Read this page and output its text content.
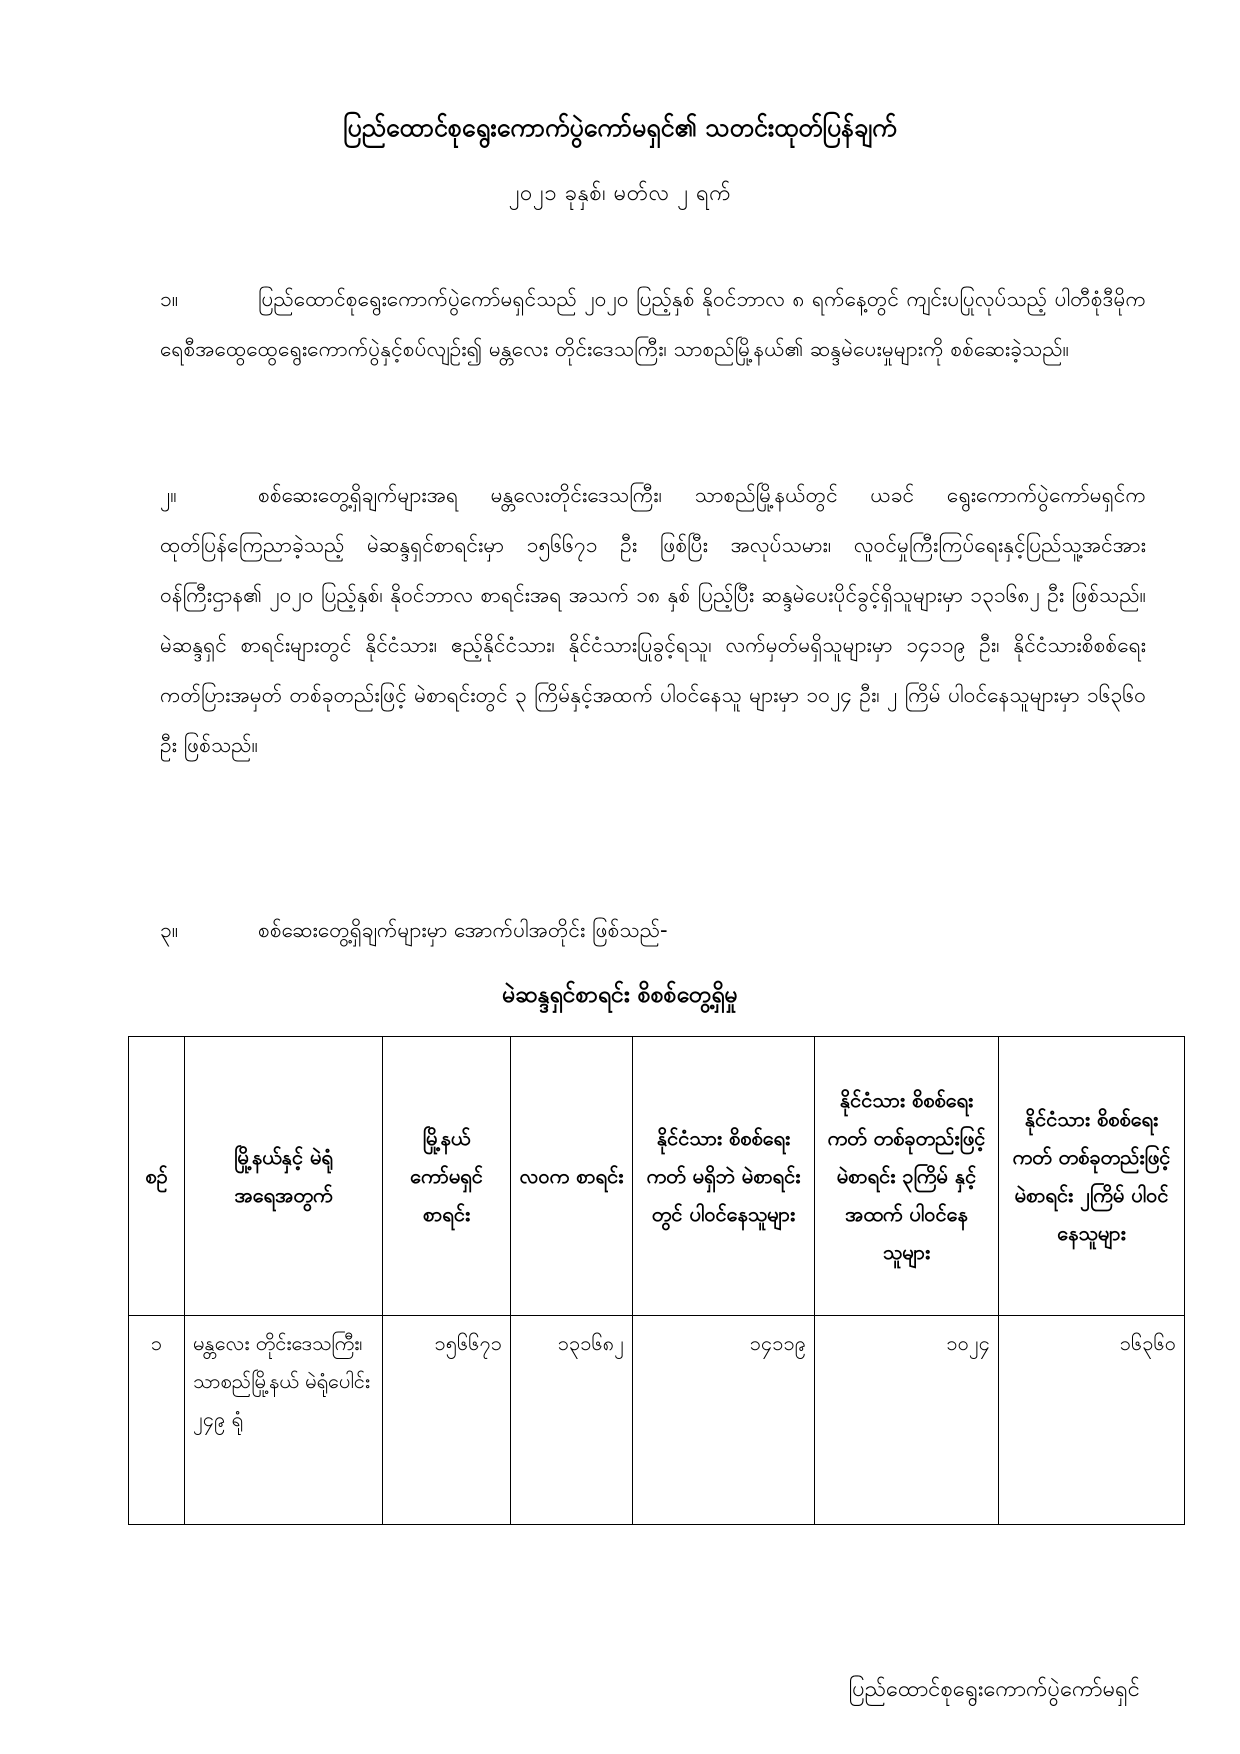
ပြည်ထောင်စုရွေးကောက်ပွဲကော်မရှင်၏ သတင်းထုတ်ပြန်ချက်
၂၀၂၁ ခုနှစ်၊ မတ်လ ၂ ရက်
၁။	ပြည်ထောင်စုရွေးကောက်ပွဲကော်မရှင်သည် ၂၀၂၀ ပြည့်နှစ် နိုဝင်ဘာလ ၈ ရက်နေ့တွင် ကျင်းပပြုလုပ်သည့် ပါတီစုံဒီမိုကရေစီအထွေထွေရွေးကောက်ပွဲနှင့်စပ်လျဉ်း၍ မန္တလေး တိုင်းဒေသကြီး၊ သာစည်မြို့နယ်၏ ဆန္ဒမဲပေးမှုများကို စစ်ဆေးခဲ့သည်။
၂။	စစ်ဆေးတွေ့ရှိချက်များအရ မန္တလေးတိုင်းဒေသကြီး၊ သာစည်မြို့နယ်တွင် ယခင် ရွေးကောက်ပွဲကော်မရှင်က ထုတ်ပြန်ကြေညာခဲ့သည့် မဲဆန္ဒရှင်စာရင်းမှာ ၁၅၆၆၇၁ ဦး ဖြစ်ပြီး အလုပ်သမား၊ လူဝင်မှုကြီးကြပ်ရေးနှင့်ပြည်သူ့အင်အားဝန်ကြီးဌာန၏ ၂၀၂၀ ပြည့်နှစ်၊ နိုဝင်ဘာလ စာရင်းအရ အသက် ၁၈ နှစ် ပြည့်ပြီး ဆန္ဒမဲပေးပိုင်ခွင့်ရှိသူများမှာ ၁၃၁၆၈၂ ဦး ဖြစ်သည်။ မဲဆန္ဒရှင် စာရင်းများတွင် နိုင်ငံသား၊ ဧည့်နိုင်ငံသား၊ နိုင်ငံသားပြုခွင့်ရသူ၊ လက်မှတ်မရှိသူများမှာ ၁၄၁၁၉ ဦး၊ နိုင်ငံသားစိစစ်ရေးကတ်ပြားအမှတ် တစ်ခုတည်းဖြင့် မဲစာရင်းတွင် ၃ ကြိမ်နှင့်အထက် ပါဝင်နေသူ များမှာ ၁၀၂၄ ဦး၊ ၂ ကြိမ် ပါဝင်နေသူများမှာ ၁၆၃၆၀ ဦး ဖြစ်သည်။
၃။	စစ်ဆေးတွေ့ရှိချက်များမှာ အောက်ပါအတိုင်း ဖြစ်သည်-
မဲဆန္ဒရှင်စာရင်း စိစစ်တွေ့ရှိမှု
စဉ်	မြို့နယ်နှင့် မဲရုံအရေအတွက်	မြို့နယ် ကော်မရှင် စာရင်း	လဝက စာရင်း	နိုင်ငံသား စိစစ်ရေးကတ် မရှိဘဲ မဲစာရင်းတွင် ပါဝင်နေသူများ	နိုင်ငံသား စိစစ်ရေးကတ် တစ်ခုတည်းဖြင့် မဲစာရင်း ၃ကြိမ် နှင့် အထက် ပါဝင်နေသူများ	နိုင်ငံသား စိစစ်ရေးကတ် တစ်ခုတည်းဖြင့် မဲစာရင်း ၂ကြိမ် ပါဝင်နေသူများ
၁	မန္တလေး တိုင်းဒေသကြီး၊ သာစည်မြို့နယ် မဲရုံပေါင်း ၂၄၉ ရုံ	၁၅၆၆၇၁	၁၃၁၆၈၂	၁၄၁၁၉	၁၀၂၄	၁၆၃၆၀
ပြည်ထောင်စုရွေးကောက်ပွဲကော်မရှင်
